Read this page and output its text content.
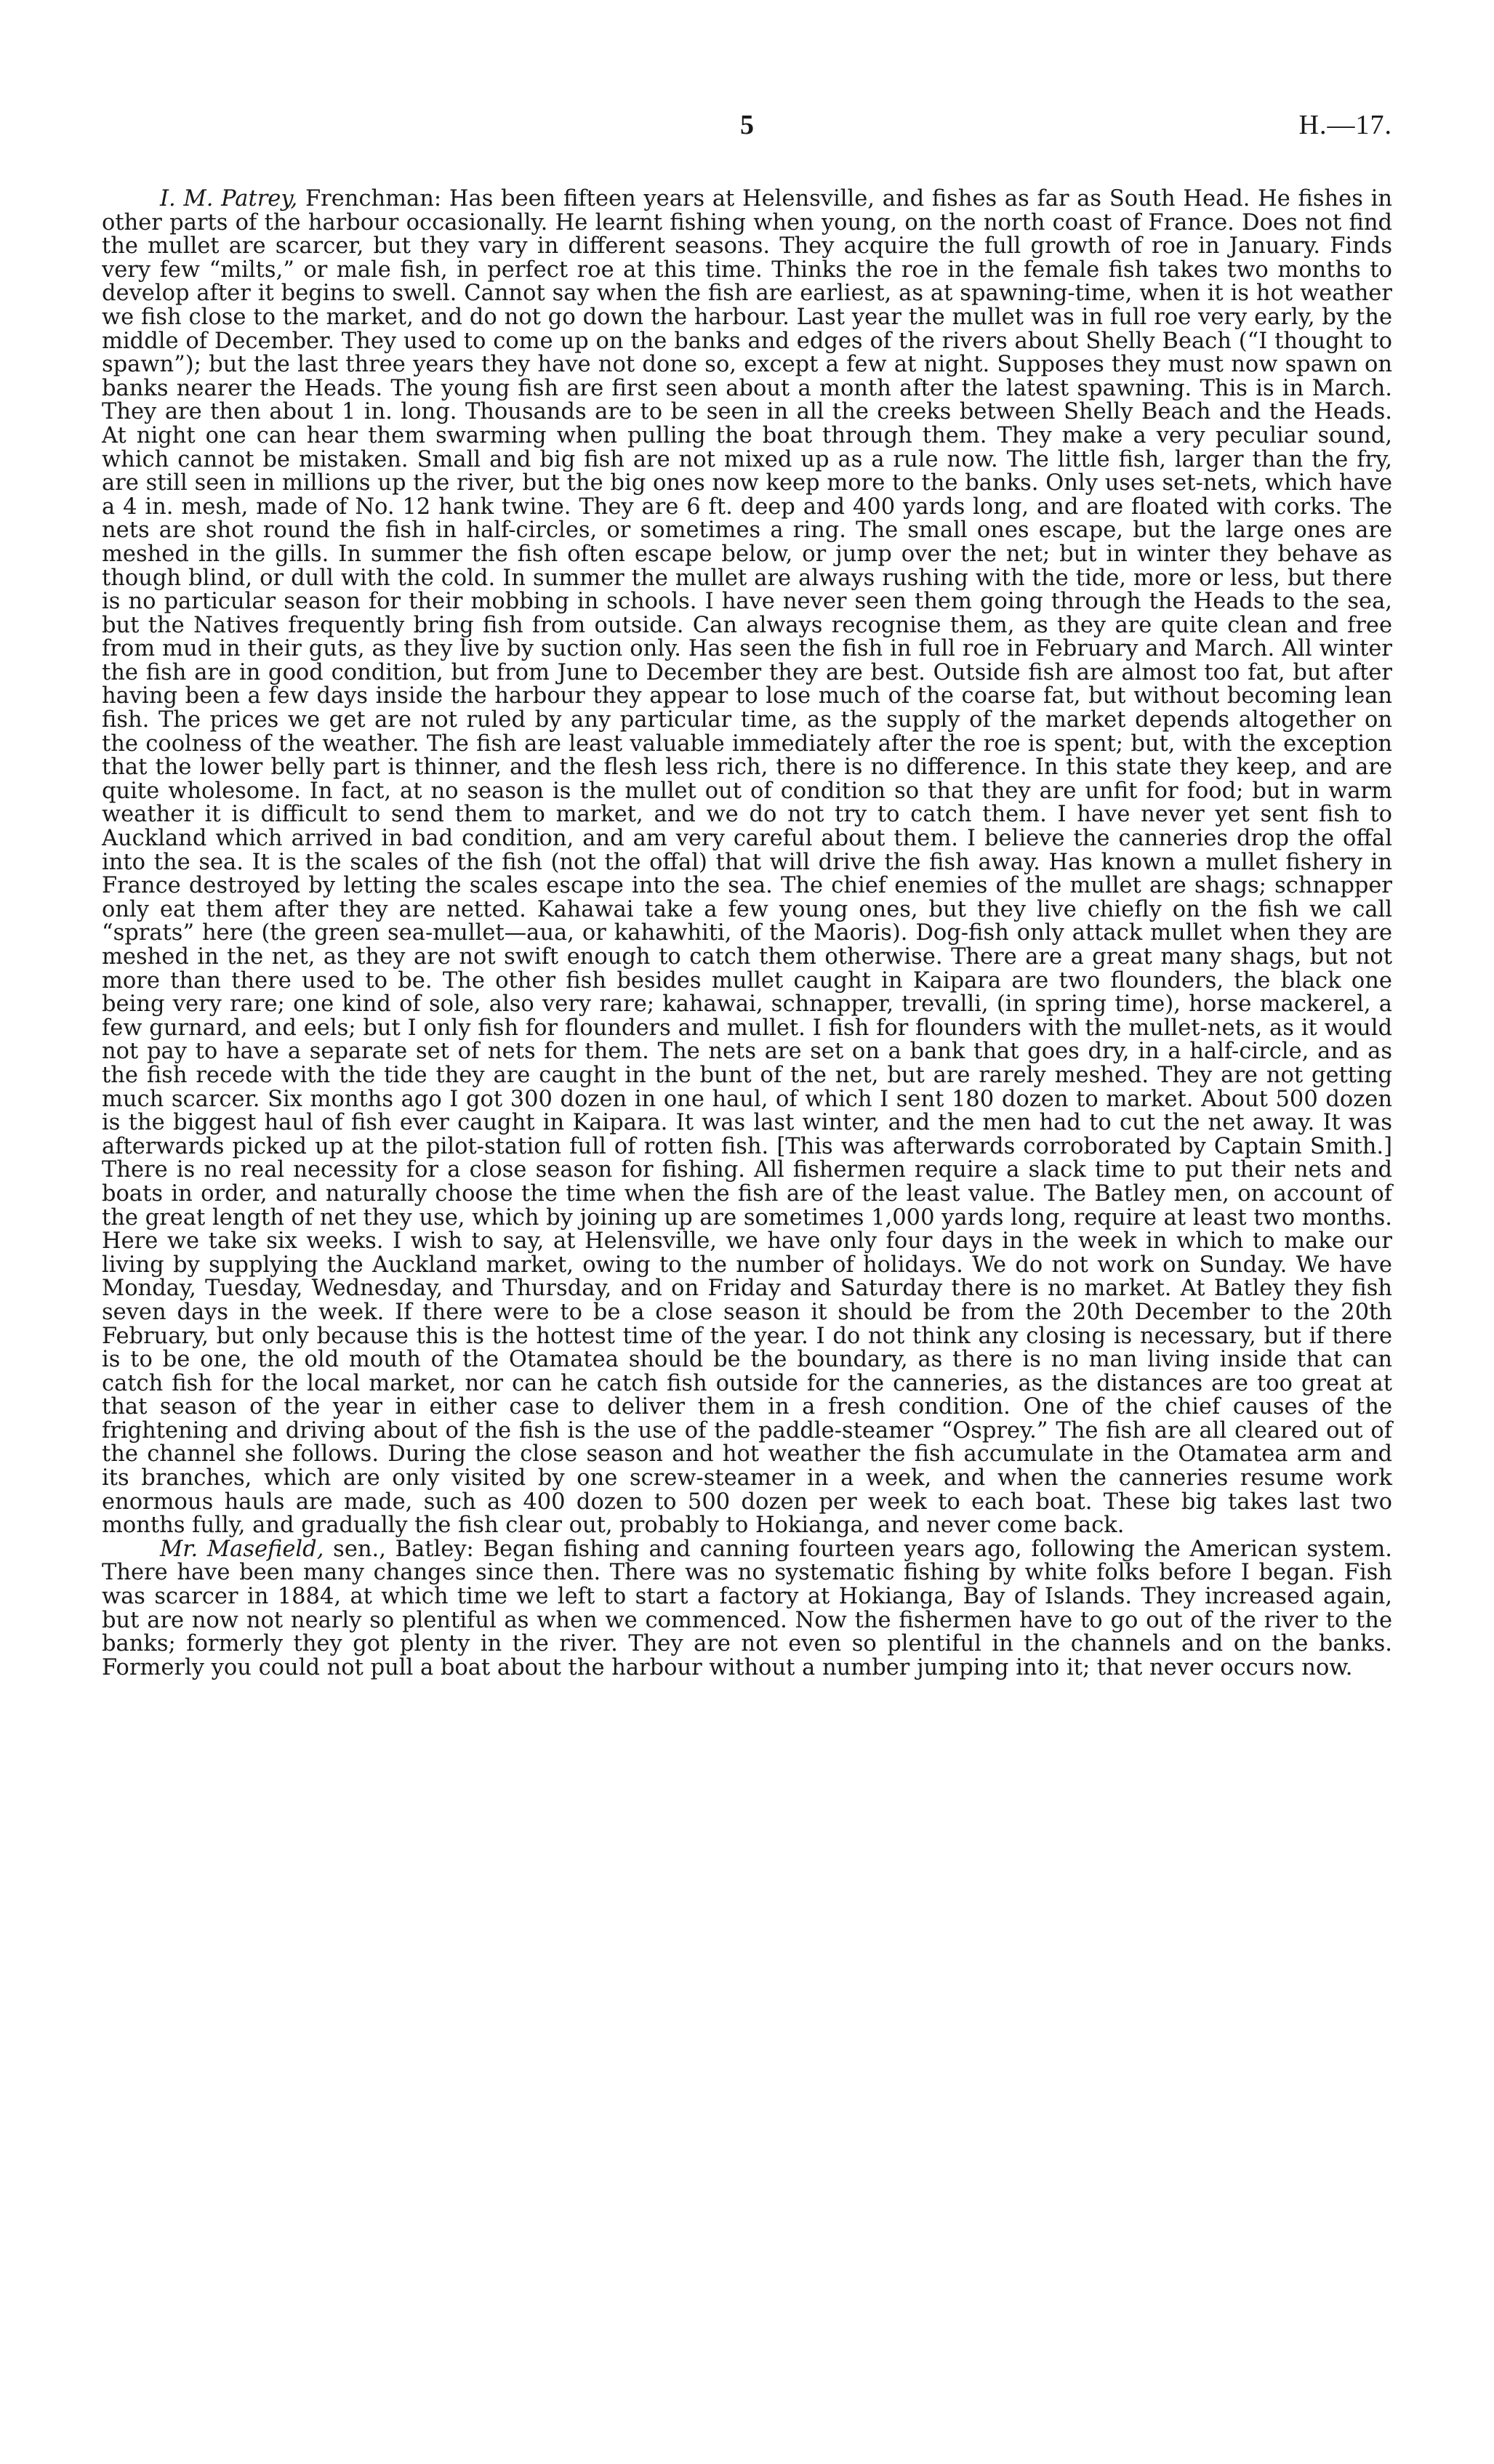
5	H.—17.

I. M. Patrey, Frenchman: Has been fifteen years at Helensville, and fishes as far as South Head. He fishes in other parts of the harbour occasionally. He learnt fishing when young, on the north coast of France. Does not find the mullet are scarcer, but they vary in different seasons. They acquire the full growth of roe in January. Finds very few “milts,” or male fish, in perfect roe at this time. Thinks the roe in the female fish takes two months to develop after it begins to swell. Cannot say when the fish are earliest, as at spawning-time, when it is hot weather we fish close to the market, and do not go down the harbour. Last year the mullet was in full roe very early, by the middle of December. They used to come up on the banks and edges of the rivers about Shelly Beach (“I thought to spawn”); but the last three years they have not done so, except a few at night. Supposes they must now spawn on banks nearer the Heads. The young fish are first seen about a month after the latest spawning. This is in March. They are then about 1 in. long. Thousands are to be seen in all the creeks between Shelly Beach and the Heads. At night one can hear them swarming when pulling the boat through them. They make a very peculiar sound, which cannot be mistaken. Small and big fish are not mixed up as a rule now. The little fish, larger than the fry, are still seen in millions up the river, but the big ones now keep more to the banks. Only uses set-nets, which have a 4 in. mesh, made of No. 12 hank twine. They are 6 ft. deep and 400 yards long, and are floated with corks. The nets are shot round the fish in half-circles, or sometimes a ring. The small ones escape, but the large ones are meshed in the gills. In summer the fish often escape below, or jump over the net; but in winter they behave as though blind, or dull with the cold. In summer the mullet are always rushing with the tide, more or less, but there is no particular season for their mobbing in schools. I have never seen them going through the Heads to the sea, but the Natives frequently bring fish from outside. Can always recognise them, as they are quite clean and free from mud in their guts, as they live by suction only. Has seen the fish in full roe in February and March. All winter the fish are in good condition, but from June to December they are best. Outside fish are almost too fat, but after having been a few days inside the harbour they appear to lose much of the coarse fat, but without becoming lean fish. The prices we get are not ruled by any particular time, as the supply of the market depends altogether on the coolness of the weather. The fish are least valuable immediately after the roe is spent; but, with the exception that the lower belly part is thinner, and the flesh less rich, there is no difference. In this state they keep, and are quite wholesome. In fact, at no season is the mullet out of condition so that they are unfit for food; but in warm weather it is difficult to send them to market, and we do not try to catch them. I have never yet sent fish to Auckland which arrived in bad condition, and am very careful about them. I believe the canneries drop the offal into the sea. It is the scales of the fish (not the offal) that will drive the fish away. Has known a mullet fishery in France destroyed by letting the scales escape into the sea. The chief enemies of the mullet are shags; schnapper only eat them after they are netted. Kahawai take a few young ones, but they live chiefly on the fish we call “sprats” here (the green sea-mullet—aua, or kahawhiti, of the Maoris). Dog-fish only attack mullet when they are meshed in the net, as they are not swift enough to catch them otherwise. There are a great many shags, but not more than there used to be. The other fish besides mullet caught in Kaipara are two flounders, the black one being very rare; one kind of sole, also very rare; kahawai, schnapper, trevalli, (in spring time), horse mackerel, a few gurnard, and eels; but I only fish for flounders and mullet. I fish for flounders with the mullet-nets, as it would not pay to have a separate set of nets for them. The nets are set on a bank that goes dry, in a half-circle, and as the fish recede with the tide they are caught in the bunt of the net, but are rarely meshed. They are not getting much scarcer. Six months ago I got 300 dozen in one haul, of which I sent 180 dozen to market. About 500 dozen is the biggest haul of fish ever caught in Kaipara. It was last winter, and the men had to cut the net away. It was afterwards picked up at the pilot-station full of rotten fish. [This was afterwards corroborated by Captain Smith.] There is no real necessity for a close season for fishing. All fishermen require a slack time to put their nets and boats in order, and naturally choose the time when the fish are of the least value. The Batley men, on account of the great length of net they use, which by joining up are sometimes 1,000 yards long, require at least two months. Here we take six weeks. I wish to say, at Helensville, we have only four days in the week in which to make our living by supplying the Auckland market, owing to the number of holidays. We do not work on Sunday. We have Monday, Tuesday, Wednesday, and Thursday, and on Friday and Saturday there is no market. At Batley they fish seven days in the week. If there were to be a close season it should be from the 20th December to the 20th February, but only because this is the hottest time of the year. I do not think any closing is necessary, but if there is to be one, the old mouth of the Otamatea should be the boundary, as there is no man living inside that can catch fish for the local market, nor can he catch fish outside for the canneries, as the distances are too great at that season of the year in either case to deliver them in a fresh condition. One of the chief causes of the frightening and driving about of the fish is the use of the paddle-steamer “Osprey.” The fish are all cleared out of the channel she follows. During the close season and hot weather the fish accumulate in the Otamatea arm and its branches, which are only visited by one screw-steamer in a week, and when the canneries resume work enormous hauls are made, such as 400 dozen to 500 dozen per week to each boat. These big takes last two months fully, and gradually the fish clear out, probably to Hokianga, and never come back.

Mr. Masefield, sen., Batley: Began fishing and canning fourteen years ago, following the American system. There have been many changes since then. There was no systematic fishing by white folks before I began. Fish was scarcer in 1884, at which time we left to start a factory at Hokianga, Bay of Islands. They increased again, but are now not nearly so plentiful as when we commenced. Now the fishermen have to go out of the river to the banks; formerly they got plenty in the river. They are not even so plentiful in the channels and on the banks. Formerly you could not pull a boat about the harbour without a number jumping into it; that never occurs now.
